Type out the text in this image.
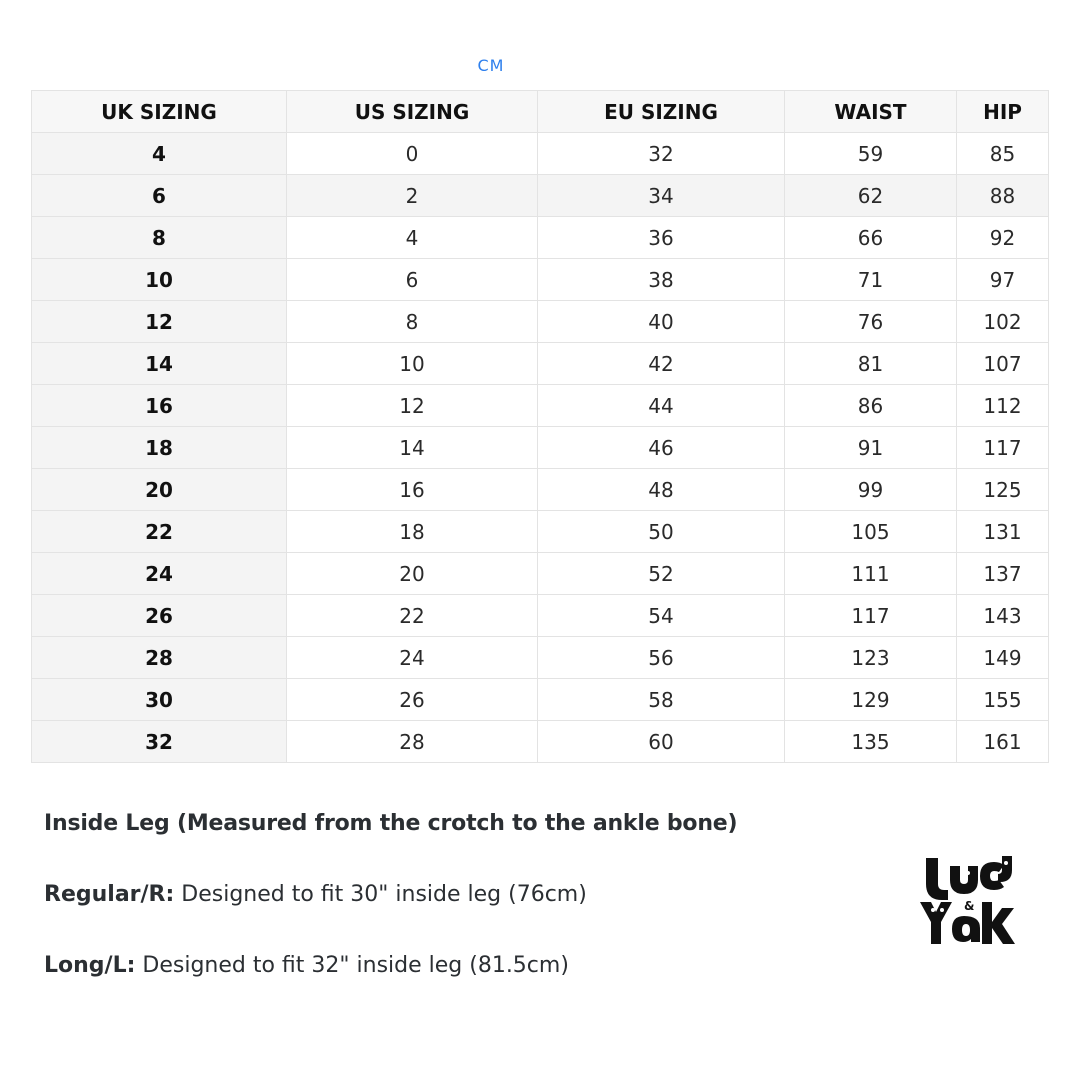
CM
UK SIZING	US SIZING	EU SIZING	WAIST	HIP
4	0	32	59	85
6	2	34	62	88
8	4	36	66	92
10	6	38	71	97
12	8	40	76	102
14	10	42	81	107
16	12	44	86	112
18	14	46	91	117
20	16	48	99	125
22	18	50	105	131
24	20	52	111	137
26	22	54	117	143
28	24	56	123	149
30	26	58	129	155
32	28	60	135	161
Inside Leg (Measured from the crotch to the ankle bone)
Regular/R: Designed to fit 30" inside leg (76cm)
Long/L: Designed to fit 32" inside leg (81.5cm)
&
